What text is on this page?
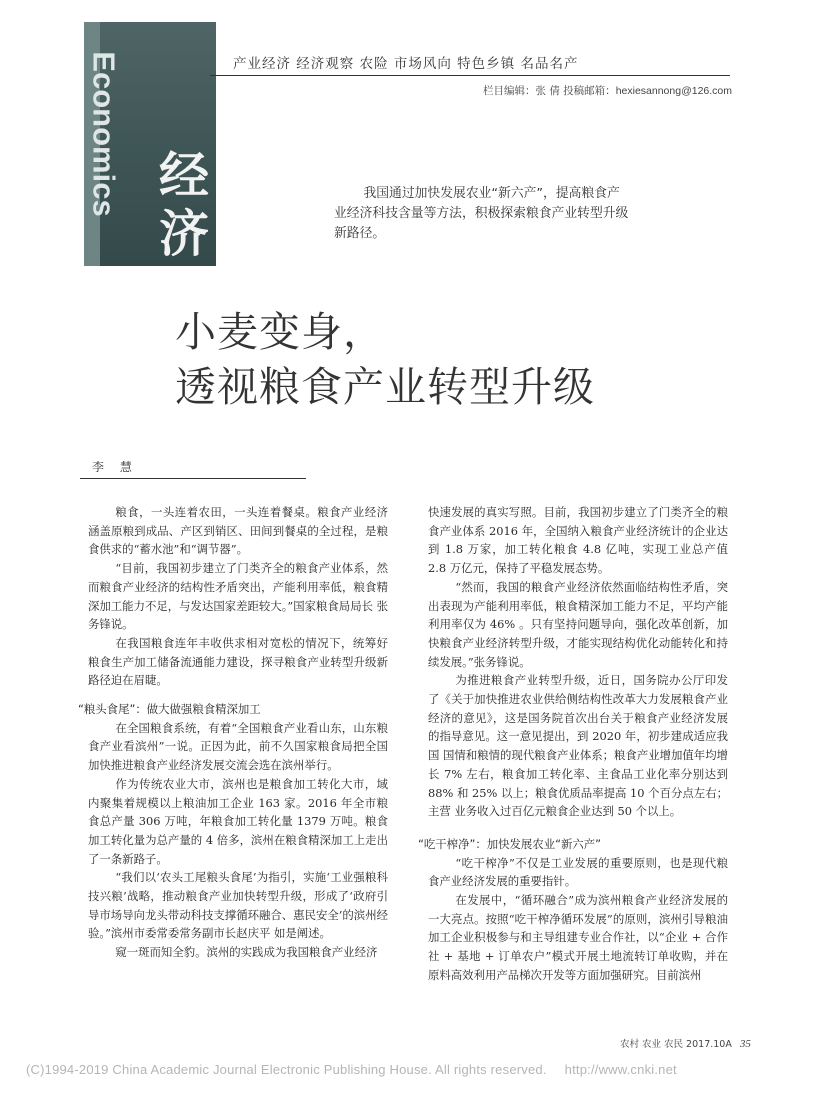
Economics 经济
产业经济 经济观察 农险 市场风向 特色乡镇 名品名产
栏目编辑：张 倩 投稿邮箱：hexiesannong@126.com
我国通过加快发展农业“新六产”，提高粮食产业经济科技含量等方法，积极探索粮食产业转型升级新路径。
小麦变身，
透视粮食产业转型升级
李 慧

粮食，一头连着农田，一头连着餐桌。粮食产业经济涵盖原粮到成品、产区到销区、田间到餐桌的全过程，是粮食供求的“蓄水池”和“调节器”。

“目前，我国初步建立了门类齐全的粮食产业体系，然而粮食产业经济的结构性矛盾突出，产能利用率低，粮食精深加工能力不足，与发达国家差距较大。”国家粮食局局长 张务锋说。

在我国粮食连年丰收供求相对宽松的情况下，统筹好粮食生产加工储备流通能力建设，探寻粮食产业转型升级新路径迫在眉睫。

“粮头食尾”：做大做强粮食精深加工

在全国粮食系统，有着“全国粮食产业看山东，山东粮食产业看滨州”一说。正因为此，前不久国家粮食局把全国加快推进粮食产业经济发展交流会选在滨州举行。

作为传统农业大市，滨州也是粮食加工转化大市，域内聚集着规模以上粮油加工企业 163 家。2016 年全市粮食总产量 306 万吨，年粮食加工转化量 1379 万吨。粮食加工转化量为总产量的 4 倍多，滨州在粮食精深加工上走出了一条新路子。

“我们以‘农头工尾粮头食尾’为指引，实施‘工业强粮科技兴粮’战略，推动粮食产业加快转型升级，形成了‘政府引导市场导向龙头带动科技支撑循环融合、惠民安全’的滨州经验。”滨州市委常委常务副市长赵庆平 如是阐述。

窥一斑而知全豹。滨州的实践成为我国粮食产业经济

快速发展的真实写照。目前，我国初步建立了门类齐全的粮食产业体系 2016 年，全国纳入粮食产业经济统计的企业达到 1.8 万家，加工转化粮食 4.8 亿吨，实现工业总产值 2.8 万亿元，保持了平稳发展态势。

“然而，我国的粮食产业经济依然面临结构性矛盾，突出表现为产能利用率低，粮食精深加工能力不足，平均产能利用率仅为 46% 。只有坚持问题导向，强化改革创新，加快粮食产业经济转型升级，才能实现结构优化动能转化和持续发展。”张务锋说。

为推进粮食产业转型升级，近日，国务院办公厅印发了《关于加快推进农业供给侧结构性改革大力发展粮食产业经济的意见》，这是国务院首次出台关于粮食产业经济发展的指导意见。这一意见提出，到 2020 年，初步建成适应我国 国情和粮情的现代粮食产业体系；粮食产业增加值年均增长 7% 左右，粮食加工转化率、主食品工业化率分别达到 88% 和 25% 以上；粮食优质品率提高 10 个百分点左右；主营 业务收入过百亿元粮食企业达到 50 个以上。

“吃干榨净”：加快发展农业“新六产”

“吃干榨净”不仅是工业发展的重要原则，也是现代粮食产业经济发展的重要指针。

在发展中，“循环融合”成为滨州粮食产业经济发展的一大亮点。按照“吃干榨净循环发展”的原则，滨州引导粮油加工企业积极参与和主导组建专业合作社，以“企业 + 合作社 + 基地 + 订单农户”模式开展土地流转订单收购，并在原料高效利用产品梯次开发等方面加强研究。目前滨州

农村 农业 农民 2017.10A 35
(C)1994-2019 China Academic Journal Electronic Publishing House. All rights reserved. http://www.cnki.net
